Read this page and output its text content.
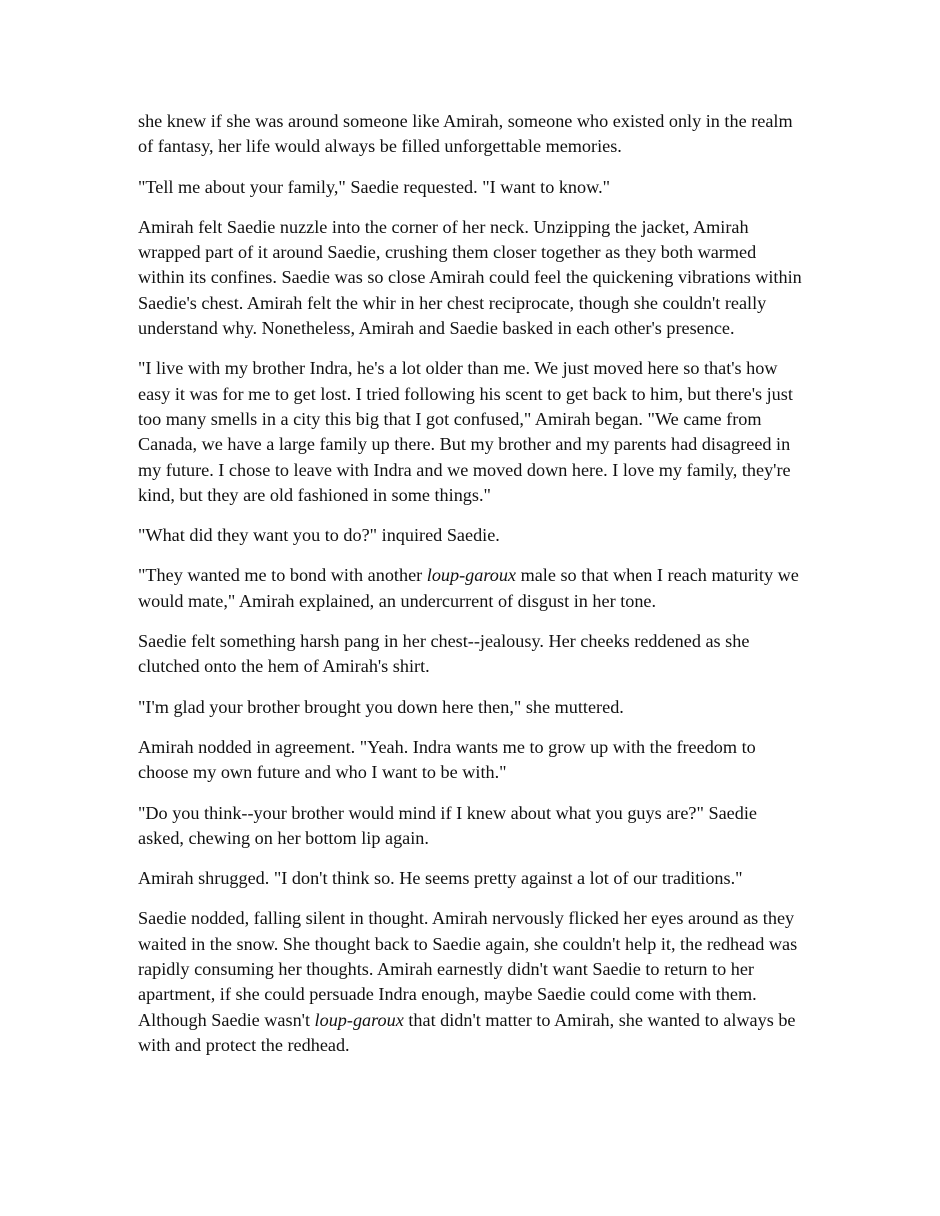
she knew if she was around someone like Amirah, someone who existed only in the realm of fantasy, her life would always be filled unforgettable memories.

"Tell me about your family," Saedie requested. "I want to know."

Amirah felt Saedie nuzzle into the corner of her neck. Unzipping the jacket, Amirah wrapped part of it around Saedie, crushing them closer together as they both warmed within its confines. Saedie was so close Amirah could feel the quickening vibrations within Saedie's chest. Amirah felt the whir in her chest reciprocate, though she couldn't really understand why. Nonetheless, Amirah and Saedie basked in each other's presence.

"I live with my brother Indra, he's a lot older than me. We just moved here so that's how easy it was for me to get lost. I tried following his scent to get back to him, but there's just too many smells in a city this big that I got confused," Amirah began. "We came from Canada, we have a large family up there. But my brother and my parents had disagreed in my future. I chose to leave with Indra and we moved down here. I love my family, they're kind, but they are old fashioned in some things."

"What did they want you to do?" inquired Saedie.

"They wanted me to bond with another loup-garoux male so that when I reach maturity we would mate," Amirah explained, an undercurrent of disgust in her tone.

Saedie felt something harsh pang in her chest--jealousy. Her cheeks reddened as she clutched onto the hem of Amirah's shirt.

"I'm glad your brother brought you down here then," she muttered.

Amirah nodded in agreement. "Yeah. Indra wants me to grow up with the freedom to choose my own future and who I want to be with."

"Do you think--your brother would mind if I knew about what you guys are?" Saedie asked, chewing on her bottom lip again.

Amirah shrugged. "I don't think so. He seems pretty against a lot of our traditions."

Saedie nodded, falling silent in thought. Amirah nervously flicked her eyes around as they waited in the snow. She thought back to Saedie again, she couldn't help it, the redhead was rapidly consuming her thoughts. Amirah earnestly didn't want Saedie to return to her apartment, if she could persuade Indra enough, maybe Saedie could come with them. Although Saedie wasn't loup-garoux that didn't matter to Amirah, she wanted to always be with and protect the redhead.
